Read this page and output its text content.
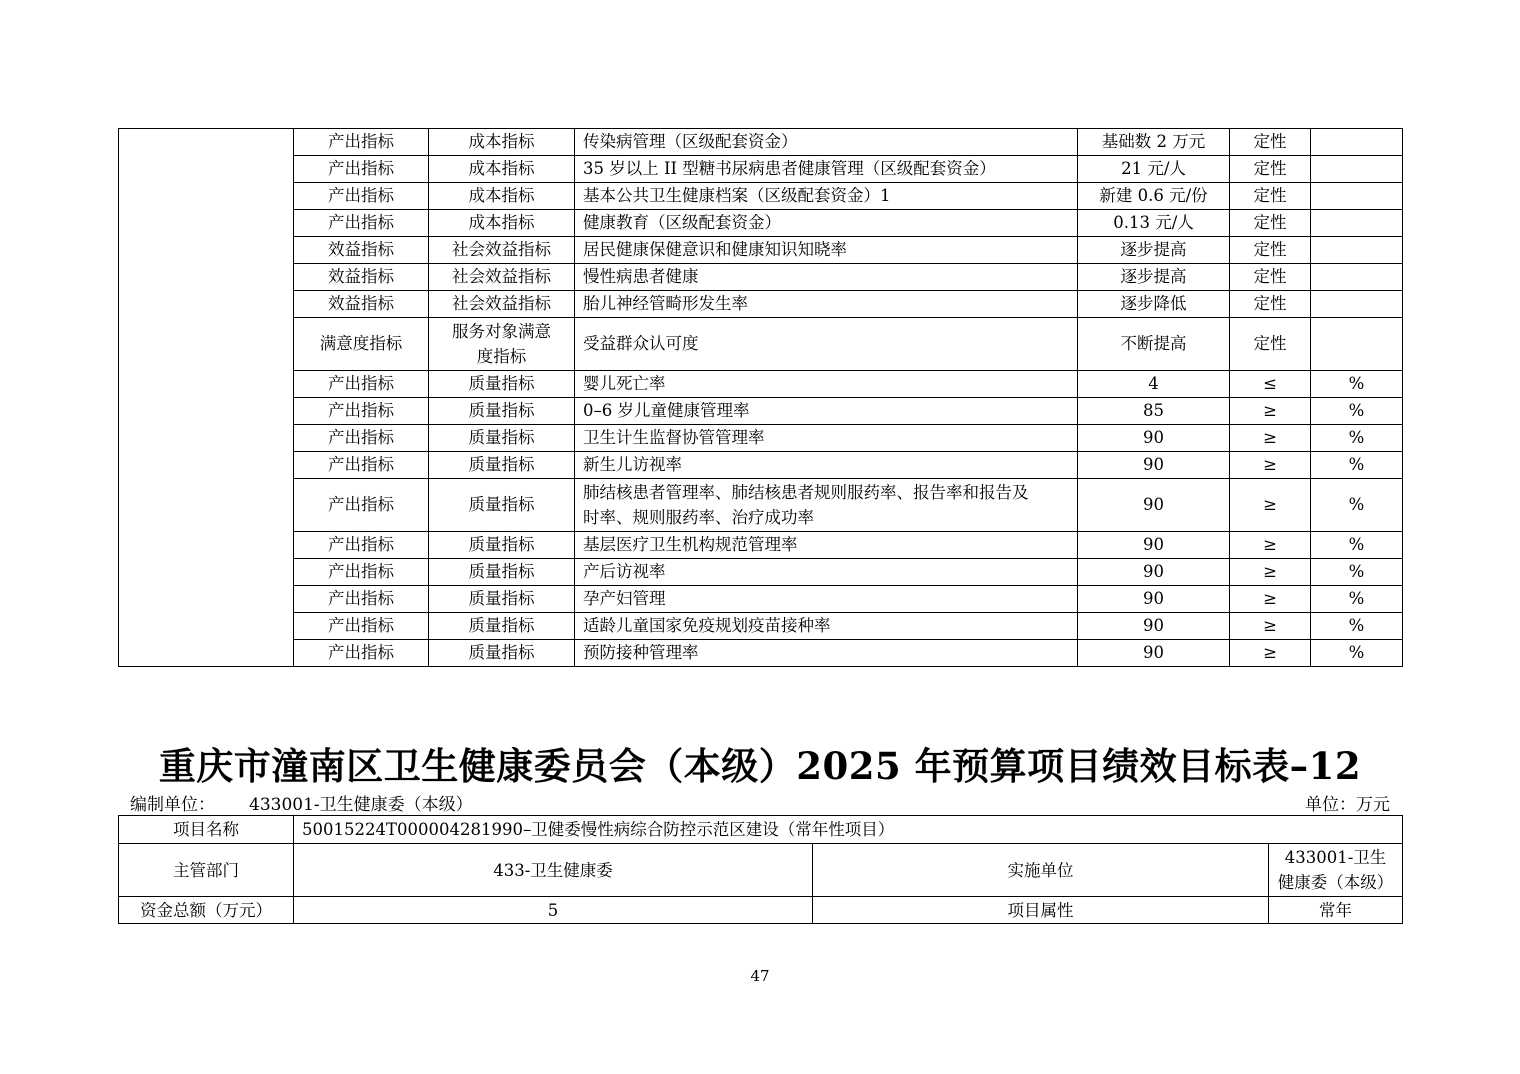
	产出指标	成本指标	传染病管理（区级配套资金）	基础数 2 万元	定性	
	产出指标	成本指标	35 岁以上 II 型糖书尿病患者健康管理（区级配套资金）	21 元/人	定性	
	产出指标	成本指标	基本公共卫生健康档案（区级配套资金）1	新建 0.6 元/份	定性	
	产出指标	成本指标	健康教育（区级配套资金）	0.13 元/人	定性	
	效益指标	社会效益指标	居民健康保健意识和健康知识知晓率	逐步提高	定性	
	效益指标	社会效益指标	慢性病患者健康	逐步提高	定性	
	效益指标	社会效益指标	胎儿神经管畸形发生率	逐步降低	定性	
	满意度指标	服务对象满意
度指标	受益群众认可度	不断提高	定性	
	产出指标	质量指标	婴儿死亡率	4	≤	%
	产出指标	质量指标	0–6 岁儿童健康管理率	85	≥	%
	产出指标	质量指标	卫生计生监督协管管理率	90	≥	%
	产出指标	质量指标	新生儿访视率	90	≥	%
	产出指标	质量指标	肺结核患者管理率、肺结核患者规则服药率、报告率和报告及
时率、规则服药率、治疗成功率	90	≥	%
	产出指标	质量指标	基层医疗卫生机构规范管理率	90	≥	%
	产出指标	质量指标	产后访视率	90	≥	%
	产出指标	质量指标	孕产妇管理	90	≥	%
	产出指标	质量指标	适龄儿童国家免疫规划疫苗接种率	90	≥	%
	产出指标	质量指标	预防接种管理率	90	≥	%
重庆市潼南区卫生健康委员会（本级）2025 年预算项目绩效目标表–12
编制单位： 433001-卫生健康委（本级）	单位：万元
项目名称	50015224T000004281990–卫健委慢性病综合防控示范区建设（常年性项目）		
主管部门	433-卫生健康委	实施单位	433001-卫生
健康委（本级）
资金总额（万元）	5	项目属性	常年
47
